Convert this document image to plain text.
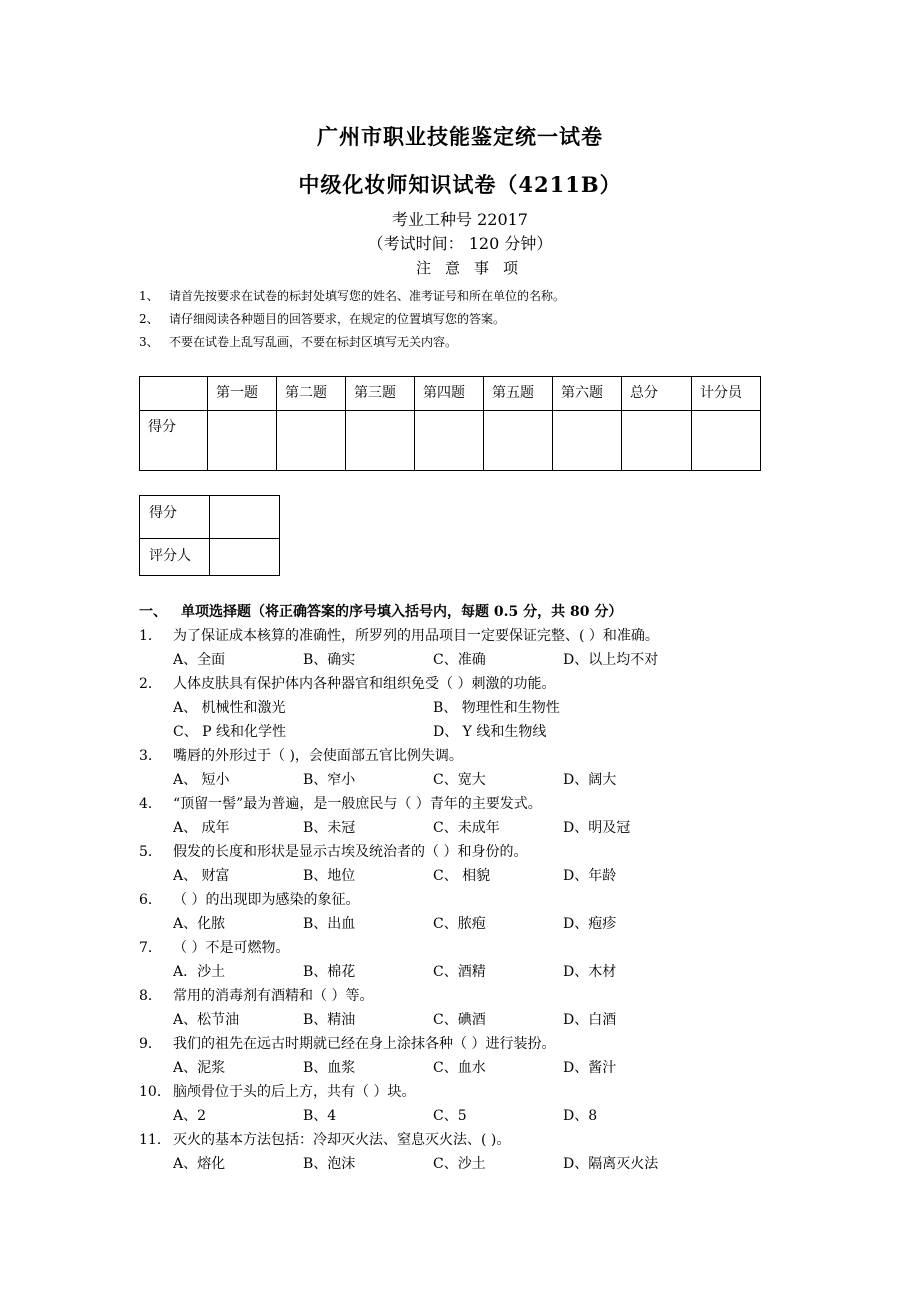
广州市职业技能鉴定统一试卷
中级化妆师知识试卷（4211B）
考业工种号 22017
（考试时间： 120 分钟）
注意事项
1、 请首先按要求在试卷的标封处填写您的姓名、准考证号和所在单位的名称。
2、 请仔细阅读各种题目的回答要求，在规定的位置填写您的答案。
3、 不要在试卷上乱写乱画，不要在标封区填写无关内容。
	第一题	第二题	第三题	第四题	第五题	第六题	总分	计分员
得分								
得分	
评分人	
一、 单项选择题（将正确答案的序号填入括号内，每题 0.5 分，共 80 分）
1． 为了保证成本核算的准确性，所罗列的用品项目一定要保证完整、( ）和准确。
A、全面	B、确实	C、准确	D、以上均不对
2． 人体皮肤具有保护体内各种器官和组织免受（ ）刺激的功能。
A、 机械性和激光	B、 物理性和生物性
C、 P 线和化学性	D、 Y 线和生物线
3． 嘴唇的外形过于（ )，会使面部五官比例失调。
A、 短小	B、窄小	C、宽大	D、阔大
4． “顶留一髻”最为普遍，是一般庶民与（ ）青年的主要发式。
A、 成年	B、未冠	C、未成年	D、明及冠
5． 假发的长度和形状是显示古埃及统治者的（ ）和身份的。
A、 财富	B、地位	C、 相貌	D、年龄
6． （ ）的出现即为感染的象征。
A、化脓	B、出血	C、脓疱	D、疱疹
7． （ ）不是可燃物。
A．沙土	B、棉花	C、酒精	D、木材
8． 常用的消毒剂有酒精和（ ）等。
A、松节油	B、精油	C、碘酒	D、白酒
9． 我们的祖先在远古时期就已经在身上涂抹各种（ ）进行装扮。
A、泥浆	B、血浆	C、血水	D、酱汁
10． 脑颅骨位于头的后上方，共有（ ）块。
A、2	B、4	C、5	D、8
11． 灭火的基本方法包括：冷却灭火法、窒息灭火法、( )。
A、熔化	B、泡沫	C、沙土	D、隔离灭火法
